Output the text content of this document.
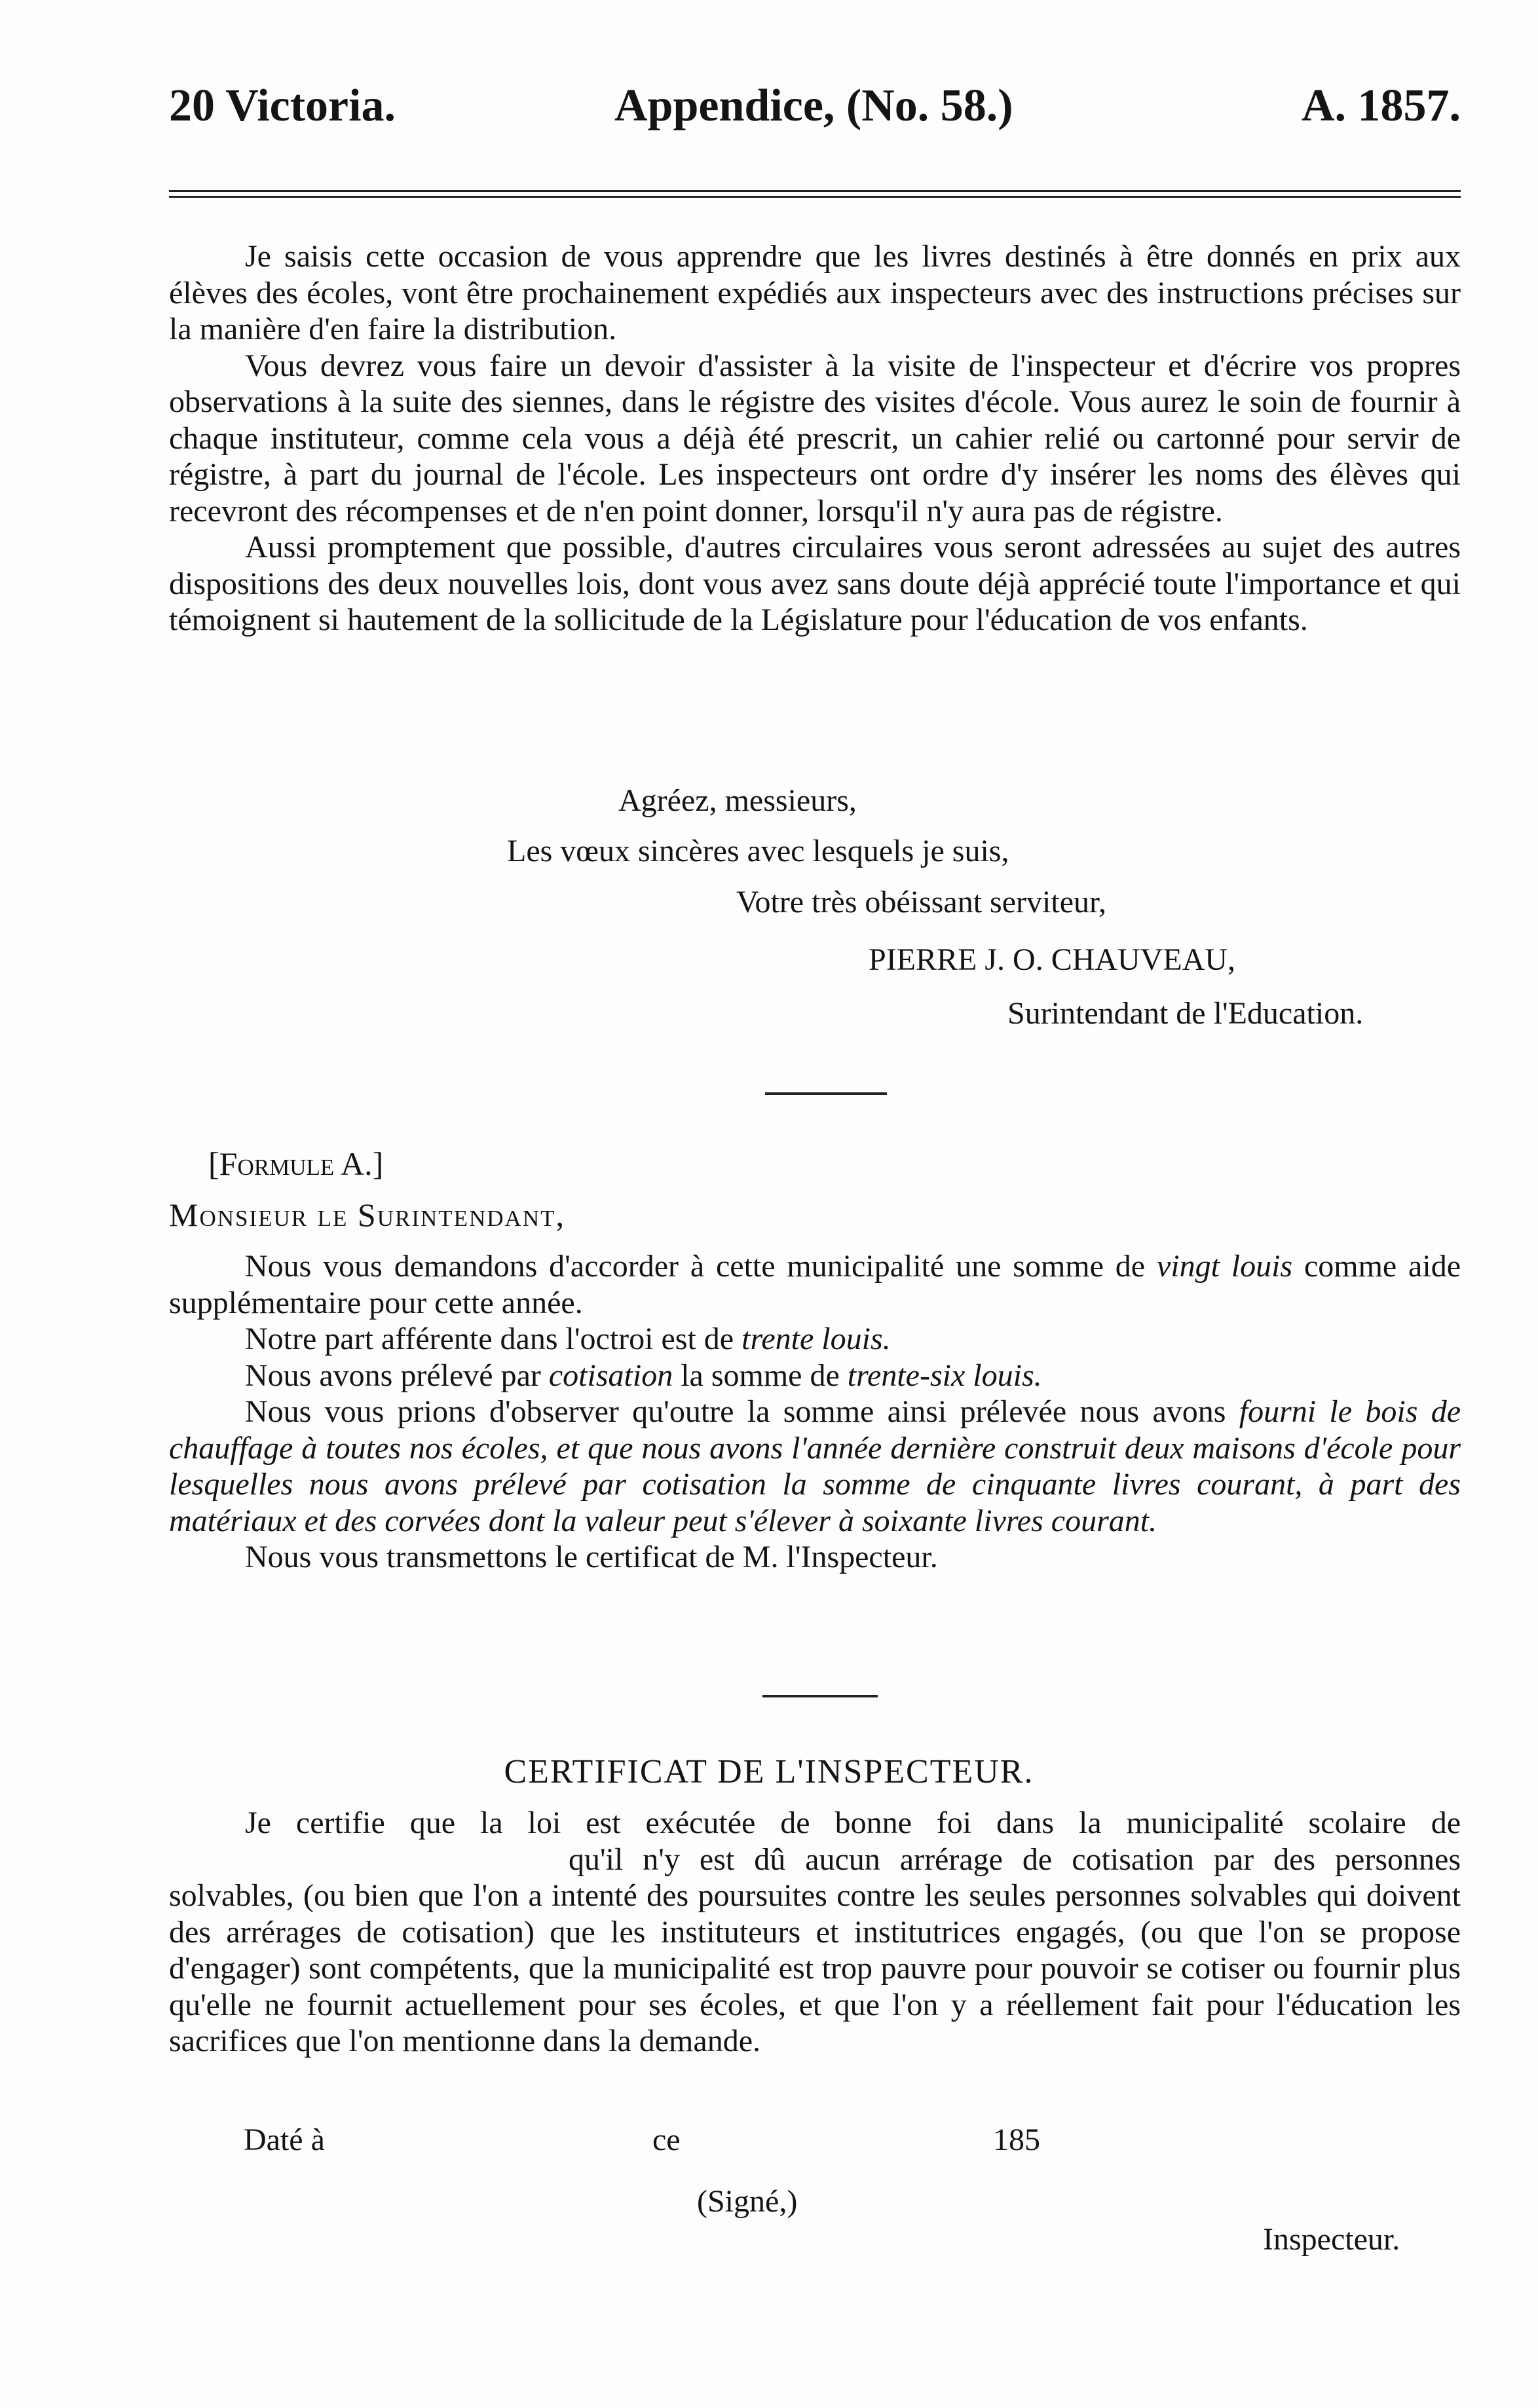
20 Victoria.	Appendice, (No. 58.)	A. 1857.

Je saisis cette occasion de vous apprendre que les livres destinés à être donnés en prix aux élèves des écoles, vont être prochainement expédiés aux inspecteurs avec des instructions précises sur la manière d'en faire la distribution.

Vous devrez vous faire un devoir d'assister à la visite de l'inspecteur et d'écrire vos propres observations à la suite des siennes, dans le régistre des visites d'école. Vous aurez le soin de fournir à chaque instituteur, comme cela vous a déjà été prescrit, un cahier relié ou cartonné pour servir de régistre, à part du journal de l'école. Les inspecteurs ont ordre d'y insérer les noms des élèves qui recevront des récompenses et de n'en point donner, lorsqu'il n'y aura pas de régistre.

Aussi promptement que possible, d'autres circulaires vous seront adressées au sujet des autres dispositions des deux nouvelles lois, dont vous avez sans doute déjà apprécié toute l'importance et qui témoignent si hautement de la sollicitude de la Législature pour l'éducation de vos enfants.

Agréez, messieurs,
Les vœux sincères avec lesquels je suis,
Votre très obéissant serviteur,
PIERRE J. O. CHAUVEAU,
Surintendant de l'Education.
[Formule A.]
Monsieur le Surintendant,

Nous vous demandons d'accorder à cette municipalité une somme de vingt louis comme aide supplémentaire pour cette année.

Notre part afférente dans l'octroi est de trente louis.

Nous avons prélevé par cotisation la somme de trente-six louis.

Nous vous prions d'observer qu'outre la somme ainsi prélevée nous avons fourni le bois de chauffage à toutes nos écoles, et que nous avons l'année dernière construit deux maisons d'école pour lesquelles nous avons prélevé par cotisation la somme de cinquante livres courant, à part des matériaux et des corvées dont la valeur peut s'élever à soixante livres courant.

Nous vous transmettons le certificat de M. l'Inspecteur.

CERTIFICAT DE L'INSPECTEUR.

Je certifie que la loi est exécutée de bonne foi dans la municipalité scolaire dequ'il n'y est dû aucun arrérage de cotisation par des personnes solvables, (ou bien que l'on a intenté des poursuites contre les seules personnes solvables qui doivent des arrérages de cotisation) que les instituteurs et institutrices engagés, (ou que l'on se propose d'engager) sont compétents, que la municipalité est trop pauvre pour pouvoir se cotiser ou fournir plus qu'elle ne fournit actuellement pour ses écoles, et que l'on y a réellement fait pour l'éducation les sacrifices que l'on mentionne dans la demande.

Daté à	ce	185
(Signé,)
Inspecteur.
